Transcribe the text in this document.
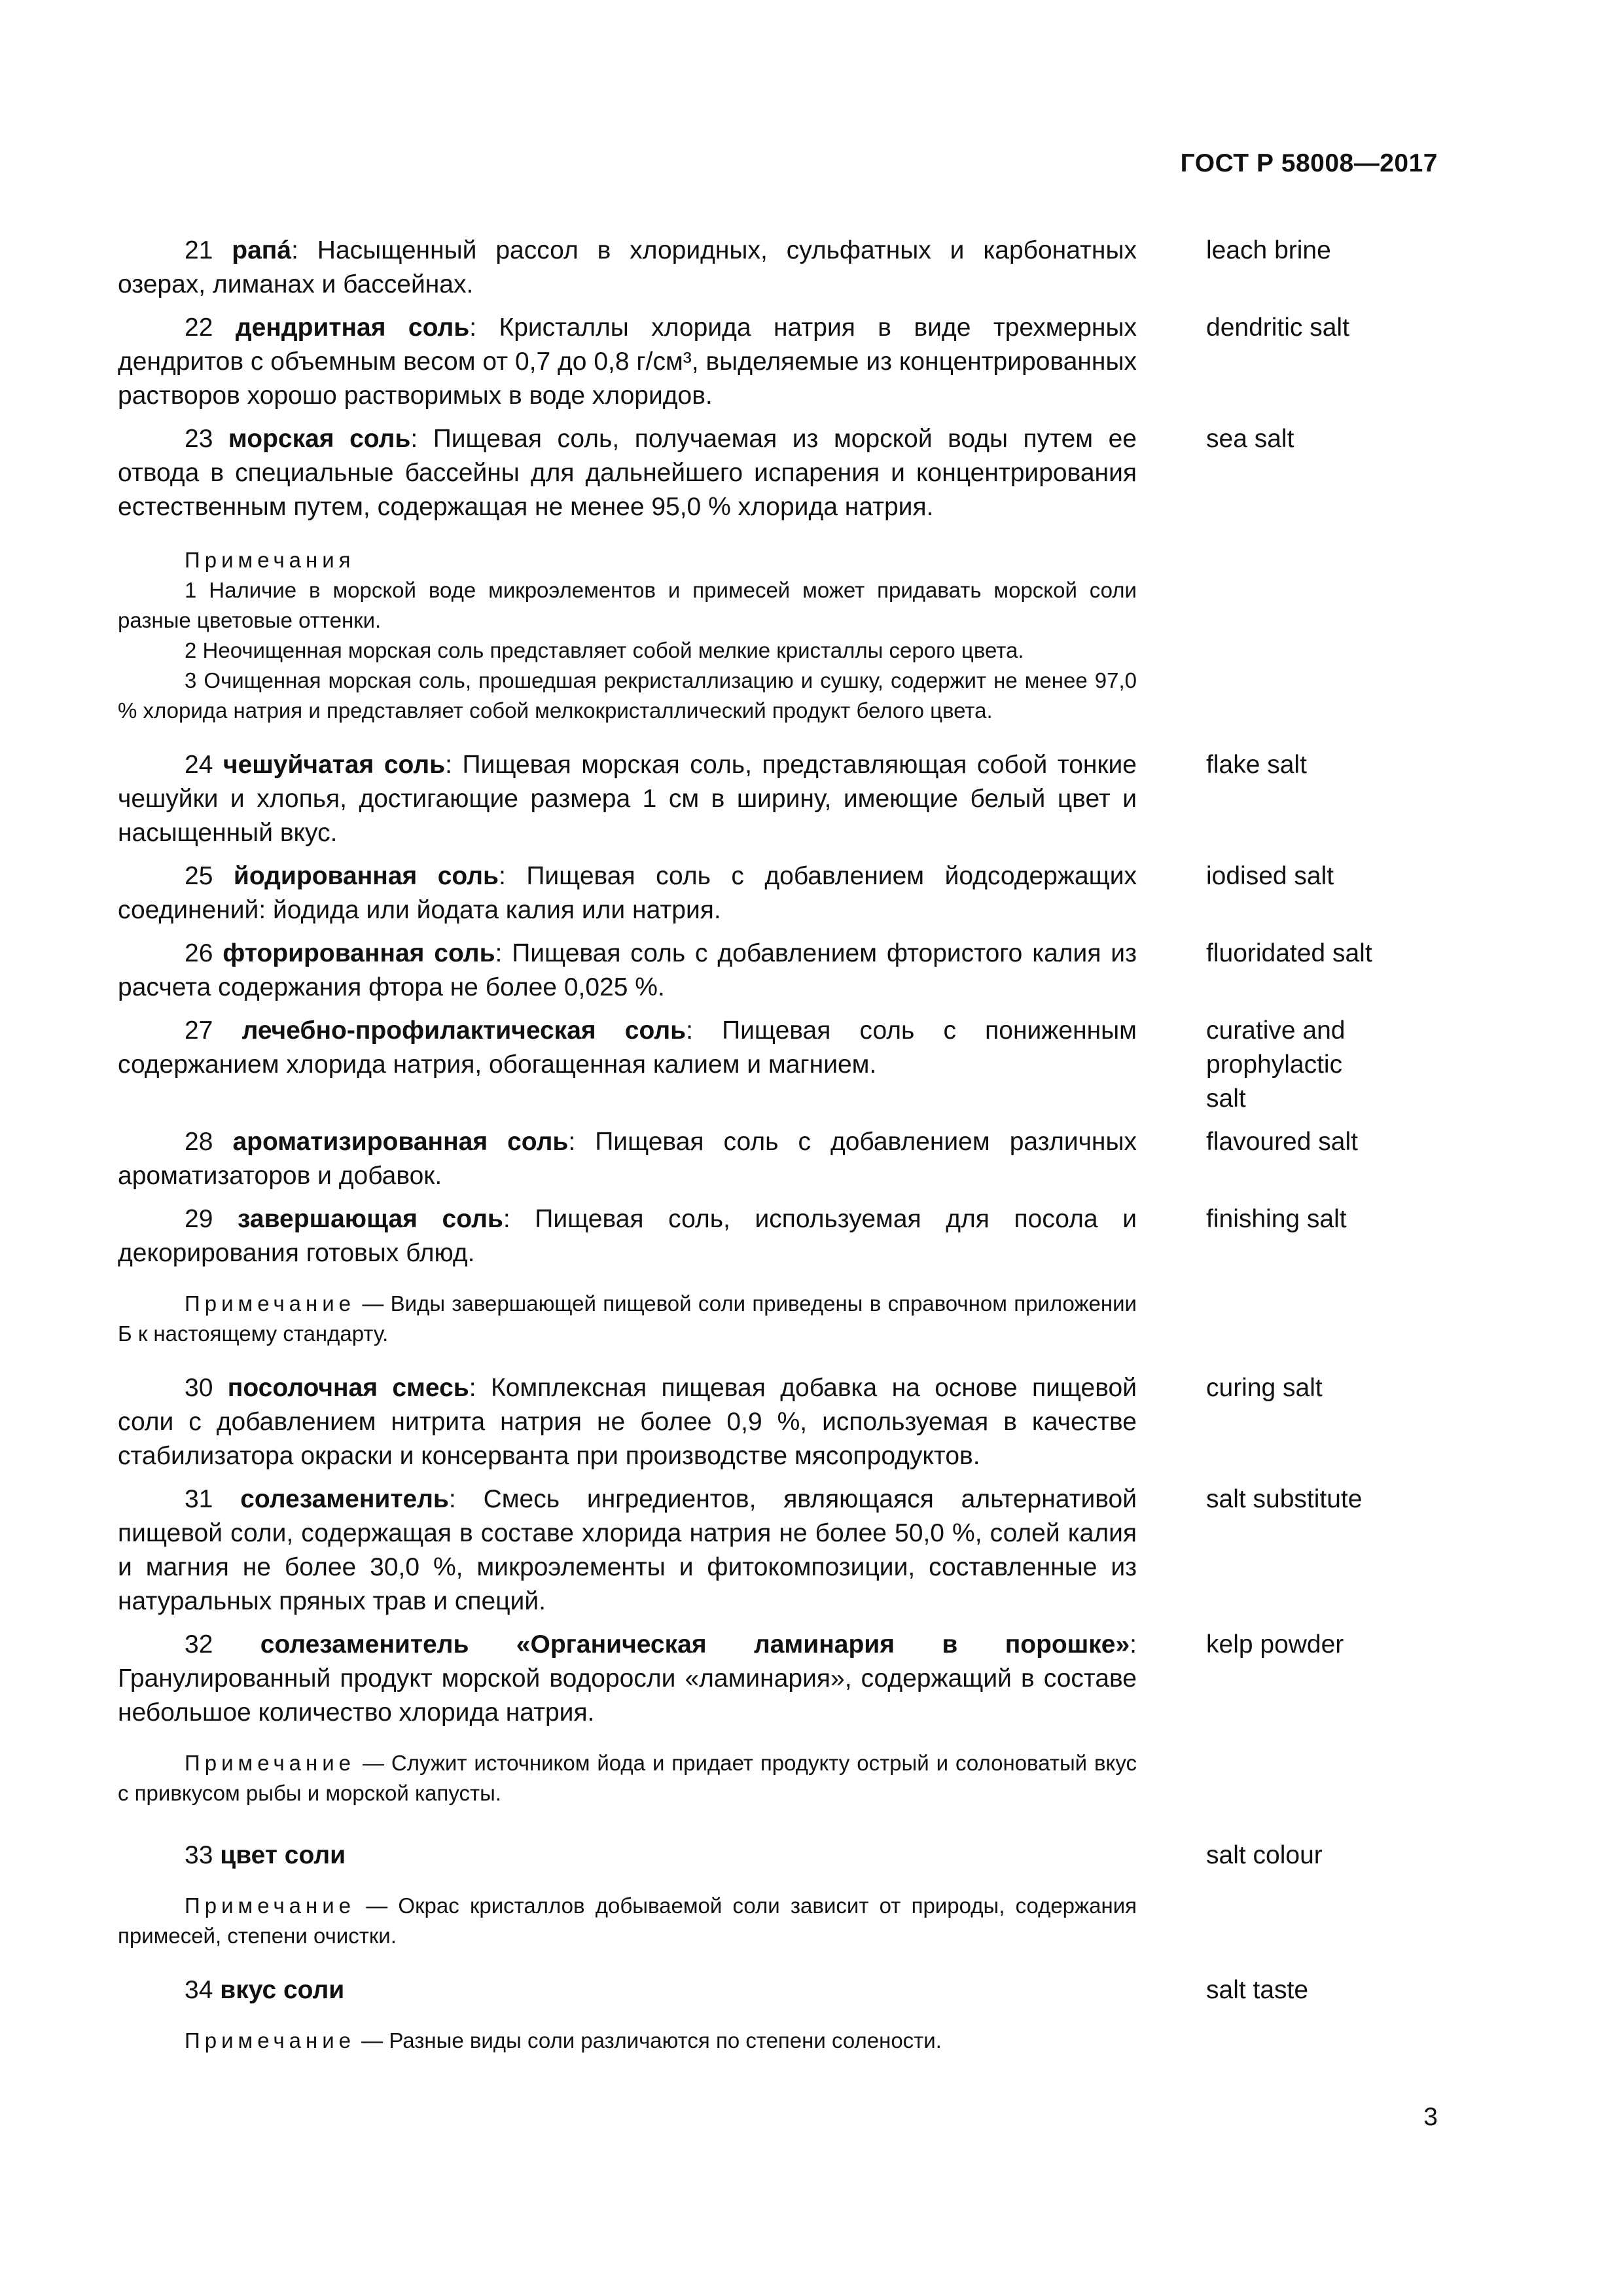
ГОСТ Р 58008—2017
21 рапá: Насыщенный рассол в хлоридных, сульфатных и карбонатных озерах, лиманах и бассейнах.
leach brine
22 дендритная соль: Кристаллы хлорида натрия в виде трехмерных дендритов с объемным весом от 0,7 до 0,8 г/см³, выделяемые из концентрированных растворов хорошо растворимых в воде хлоридов.
dendritic salt
23 морская соль: Пищевая соль, получаемая из морской воды путем ее отвода в специальные бассейны для дальнейшего испарения и концентрирования естественным путем, содержащая не менее 95,0 % хлорида натрия.
sea salt
Примечания
1 Наличие в морской воде микроэлементов и примесей может придавать морской соли разные цветовые оттенки.
2 Неочищенная морская соль представляет собой мелкие кристаллы серого цвета.
3 Очищенная морская соль, прошедшая рекристаллизацию и сушку, содержит не менее 97,0 % хлорида натрия и представляет собой мелкокристаллический продукт белого цвета.
24 чешуйчатая соль: Пищевая морская соль, представляющая собой тонкие чешуйки и хлопья, достигающие размера 1 см в ширину, имеющие белый цвет и насыщенный вкус.
flake salt
25 йодированная соль: Пищевая соль с добавлением йодсодержащих соединений: йодида или йодата калия или натрия.
iodised salt
26 фторированная соль: Пищевая соль с добавлением фтористого калия из расчета содержания фтора не более 0,025 %.
fluoridated salt
27 лечебно-профилактическая соль: Пищевая соль с пониженным содержанием хлорида натрия, обогащенная калием и магнием.
curative and prophylactic salt
28 ароматизированная соль: Пищевая соль с добавлением различных ароматизаторов и добавок.
flavoured salt
29 завершающая соль: Пищевая соль, используемая для посола и декорирования готовых блюд.
finishing salt
Примечание — Виды завершающей пищевой соли приведены в справочном приложении Б к настоящему стандарту.
30 посолочная смесь: Комплексная пищевая добавка на основе пищевой соли с добавлением нитрита натрия не более 0,9 %, используемая в качестве стабилизатора окраски и консерванта при производстве мясопродуктов.
curing salt
31 солезаменитель: Смесь ингредиентов, являющаяся альтернативой пищевой соли, содержащая в составе хлорида натрия не более 50,0 %, солей калия и магния не более 30,0 %, микроэлементы и фитокомпозиции, составленные из натуральных пряных трав и специй.
salt substitute
32 солезаменитель «Органическая ламинария в порошке»: Гранулированный продукт морской водоросли «ламинария», содержащий в составе небольшое количество хлорида натрия.
kelp powder
Примечание — Служит источником йода и придает продукту острый и солоноватый вкус с привкусом рыбы и морской капусты.
33 цвет соли	salt colour
Примечание — Окрас кристаллов добываемой соли зависит от природы, содержания примесей, степени очистки.
34 вкус соли	salt taste
Примечание — Разные виды соли различаются по степени солености.
3
